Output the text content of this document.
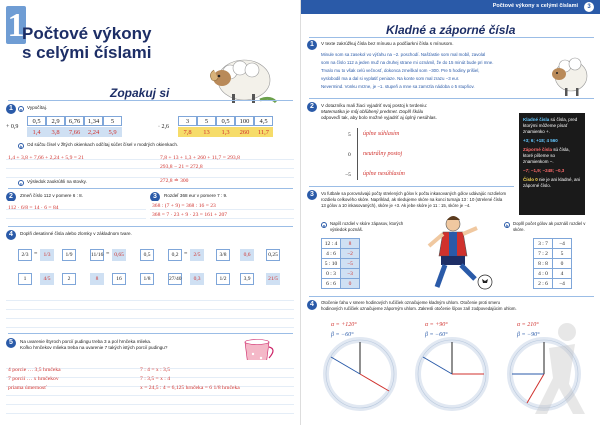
1
Počtové výkony
s celými číslami
Zopakuj si
1	a	Vypočítaj.
+ 0,9
0,5	2,9	6,76	1,34	5
1,4	3,8	7,66	2,24	5,9
· 2,6
3	5	0,5	100	4,5
7,8	13	1,3	260	11,7
b	Od súčtu čísel v žltých okienkach odčítaj súčet čísel v modrých okienkach.
1,4 + 3,8 + 7,66 + 2,24 + 5,9 = 21	7,8 + 13 + 1,3 + 260 + 11,7 = 293,8
293,8 − 21 = 272,8
c	Výsledok zaokrúhli na stovky.	272,8 ≐ 300
2	Zmeň číslo 112 v pomere 6 : 8.
112 · 6/8 = 14 · 6 = 84
3	Rozdeľ 368 eur v pomere 7 : 9.
368 : (7 + 9) = 368 : 16 = 23
368 = 7 · 23 + 9 · 23 = 161 + 207
4	Doplň desatinné čísla alebo zlomky v základnom tvare.
2/3 =	1/3	1/9	11/16 = 0,65	0,5	0,2 =	2/5	3/8	0,6	0,25
1	4/5	2	8	16	1/8	27/40	0,3	1/2	3,9	21/5
5	Na uvarenie štyroch porcií pudingu treba 3 a pol hrnčeka mlieka.
Koľko hrnčekov mlieka treba na uvarenie 7 takých istých porcií pudingu?
4 porcie … 3,5 hrnčeka	7 : 4 = x : 3,5
7 porcií … x hrnčekov	7 : 3,5 = x : 4
priama úmernosť	x = 24,5 : 4 = 6,125 hrnčeka = 6 1/8 hrnčeka
Počtové výkony s celými číslami	3
Kladné a záporné čísla
1	V texte zakrúžkuj čísla bez mínusu a podčiarkni čísla s mínusom.
Minule som sa zasekol vo výťahu na −2. poschodí. Našťastie som mal mobil, zavolal
som na číslo 112 a jeden muž na druhej strane mi oznámil, že do 15 minút bude pri mne.
Trvalo mu to však celú večnosť, dokonca zmeškal som −300. Pre 5 hodiny prišiel,
vyslobodil ma a dal si vyplatiť peniaze. Na konte som mal zrazu −3 eur.
Nevermind. Vonku mrzne, je −1. stupeň a mne sa zamrzla nádoba o 5 stupňov.
2	V dotazníku mali žiaci vyjadriť svoj postoj k tvrdeniu:
Matematika je môj obľúbený predmet. Doplň škálu
odpoveďí tak, aby bolo možné vyjadriť aj úplný nesúhlas.
5
0
−5
úplne súhlasím
neutrálny postoj
úplne nesúhlasím

Kladné čísla sú čísla, pred ktorými môžeme písať znamienko +.

+3; 6; +18; 4 560

Záporné čísla sú čísla, ktoré píšeme so znamienkom −.

−7; −1,9; −248; −0,3

Číslo 0 nie je ani kladné, ani záporné číslo.

3	Vo futbale sa porovnávajú počty strelených gólov k počtu inkasovaných gólov udávajúc rozdielom
rozdielu celkového skóre. Napríklad, ak sledujeme skóre na konci turnaja 13 : 10 (strelené čísla
13 gólov a 10 inkasovaných), skóre je +3. Ak jebe skóre je 11 : 15, skóre je −4.
a	Napíš rozdiel v skóre zápasov, ktorých výsledok poznáš.
12 : 4	8
4 : 6	−2
5 : 10	−5
0 : 3	−3
6 : 6	0
b	Doplň počet gólov ak poznáš rozdiel v skóre.
3 : 7	−4
7 : 2	5
8 : 8	0
4 : 0	4
2 : 6	−4
4	Otočenie ťahu v smere hodinových ručičiek označujeme kladným uhlom. Otočenie proti smeru
hodinových ručičiek označujeme záporným uhlom. Zakresli otočenie šípov zaň zodpovedajúcim uhlom.
α = +120°
β = −60°
α = +90°
β = −60°
α = 210°
β = −90°
